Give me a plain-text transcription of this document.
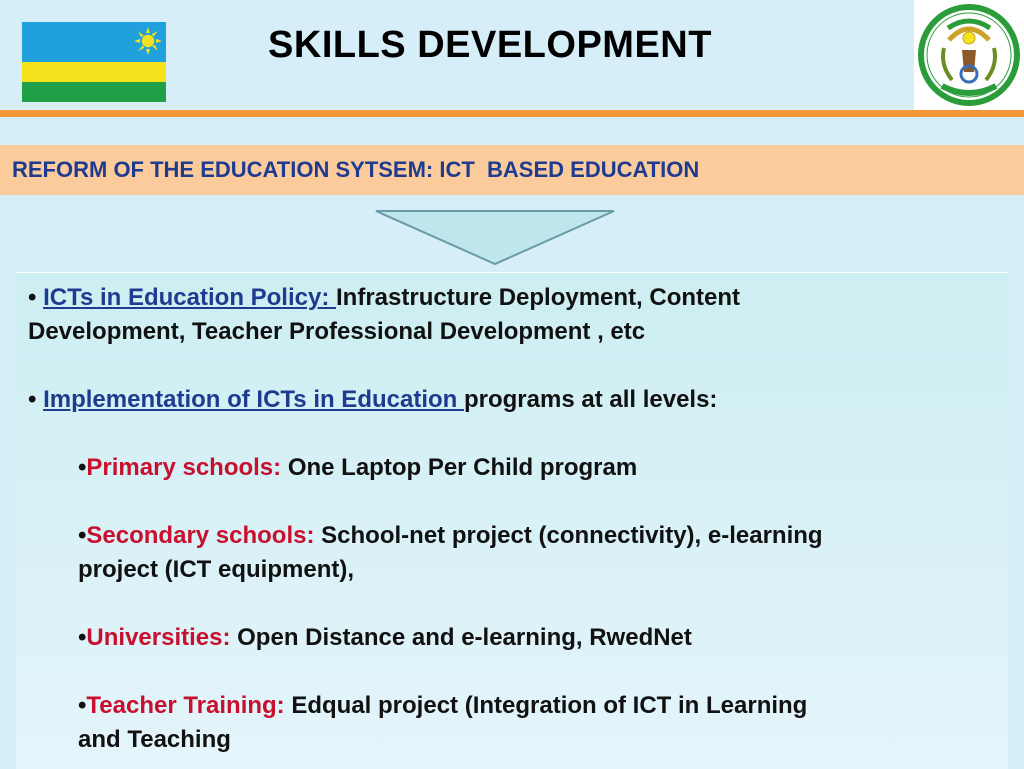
SKILLS DEVELOPMENT
REFORM OF THE EDUCATION SYTSEM: ICT  BASED EDUCATION
• ICTs in Education Policy: Infrastructure Deployment, Content
Development, Teacher Professional Development , etc
• Implementation of ICTs in Education programs at all levels:
•Primary schools: One Laptop Per Child program
•Secondary schools: School-net project (connectivity), e-learning
project (ICT equipment),
•Universities: Open Distance and e-learning, RwedNet
•Teacher Training: Edqual project (Integration of ICT in Learning
and Teaching
